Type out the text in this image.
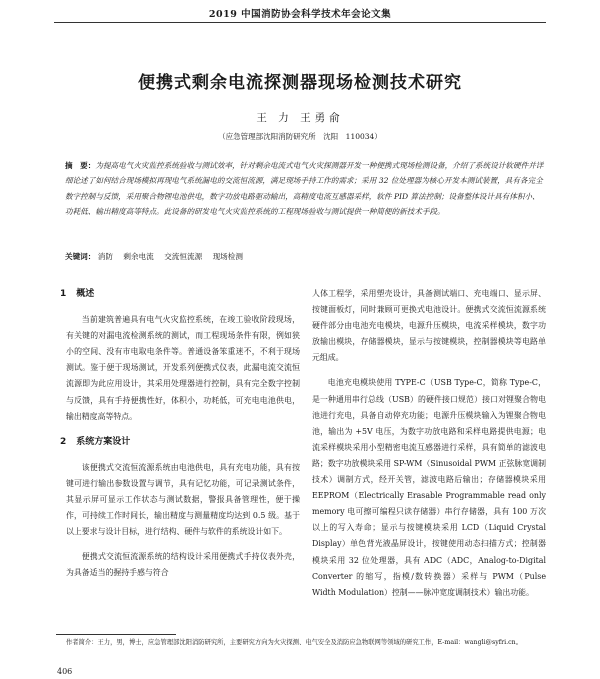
2019 中国消防协会科学技术年会论文集
便携式剩余电流探测器现场检测技术研究
王 力 王勇俞
（应急管理部沈阳消防研究所　沈阳　110034）
摘　要：为提高电气火灾监控系统验收与测试效率，针对剩余电流式电气火灾探测器开发一种便携式现场检测设备，介绍了系统设计软硬件并详细论述了如何结合现场模拟再现电气系统漏电的交流恒流源，满足现场手持工作的需求；采用 32 位处理器为核心开发本测试装置，具有各完全数字控制与反馈，采用聚合物锂电池供电，数字功放电路驱动输出，高精度电流互感器采样，软件 PID 算法控制；设备整体设计具有体积小、功耗低、输出精度高等特点。此设备的研发电气火灾监控系统的工程现场验收与测试提供一种简便的新技术手段。
关键词： 消防 剩余电流 交流恒流源 现场检测
1 概述

当前建筑普遍具有电气火灾监控系统，在竣工验收阶段现场，有关键的对漏电流检测系统的测试，而工程现场条件有限，例如狭小的空间、没有市电取电条件等。普通设备笨重迷不，不利于现场测试。鉴于便于现场测试，开发系列便携式仪表，此漏电流交流恒流源即为此应用设计，其采用处理器进行控制，具有完全数字控制与反馈，具有手持便携性好，体积小，功耗低，可充电电池供电，输出精度高等特点。

2 系统方案设计

该便携式交流恒流源系统由电池供电，具有充电功能，具有按键可进行输出参数设置与调节，具有记忆功能，可记录测试条件，其显示屏可显示工作状态与测试数据，警报具备管理性，便于操作，可持续工作时间长，输出精度与测量精度均达到 0.5 级。基于以上要求与设计目标，进行结构、硬件与软件的系统设计如下。

便携式交流恒流源系统的结构设计采用便携式手持仪表外壳，为具备适当的握持手感与符合

人体工程学，采用塑壳设计，具备测试端口、充电端口、显示屏、按键面板灯，同时兼顾可更换式电池设计。便携式交流恒流源系统硬件部分由电池充电模块，电源升压模块，电流采样模块，数字功放输出模块，存储器模块，显示与按键模块，控制器模块等电路单元组成。

电池充电模块使用 TYPE-C（USB Type-C，简称 Type-C，是一种通用串行总线（USB）的硬件接口规范）接口对锂聚合物电池进行充电，具备自动停充功能；电源升压模块输入为锂聚合物电池，输出为 +5V 电压，为数字功放电路和采样电路提供电源；电流采样模块采用小型精密电流互感器进行采样，具有简单的滤波电路；数字功放模块采用 SP-WM（Sinusoidal PWM 正弦脉宽调制技术）调制方式，经开关管，滤波电路后输出；存储器模块采用 EEPROM（Electrically Erasable Programmable read only memory 电可擦可编程只读存储器）串行存储器，具有 100 万次以上的写入寿命；显示与按键模块采用 LCD（Liquid Crystal Display）单色背光液晶屏设计，按键使用动态扫描方式；控制器模块采用 32 位处理器，具有 ADC（ADC，Analog-to-Digital Converter 的缩写，指模/数转换器）采样与 PWM（Pulse Width Modulation）控制——脉冲宽度调制技术）输出功能。

作者简介：王力，男，博士，应急管理部沈阳消防研究所，主要研究方向为火灾探测、电气安全及消防应急物联网等领域的研究工作，E-mail：wangli@syfri.cn。
406
